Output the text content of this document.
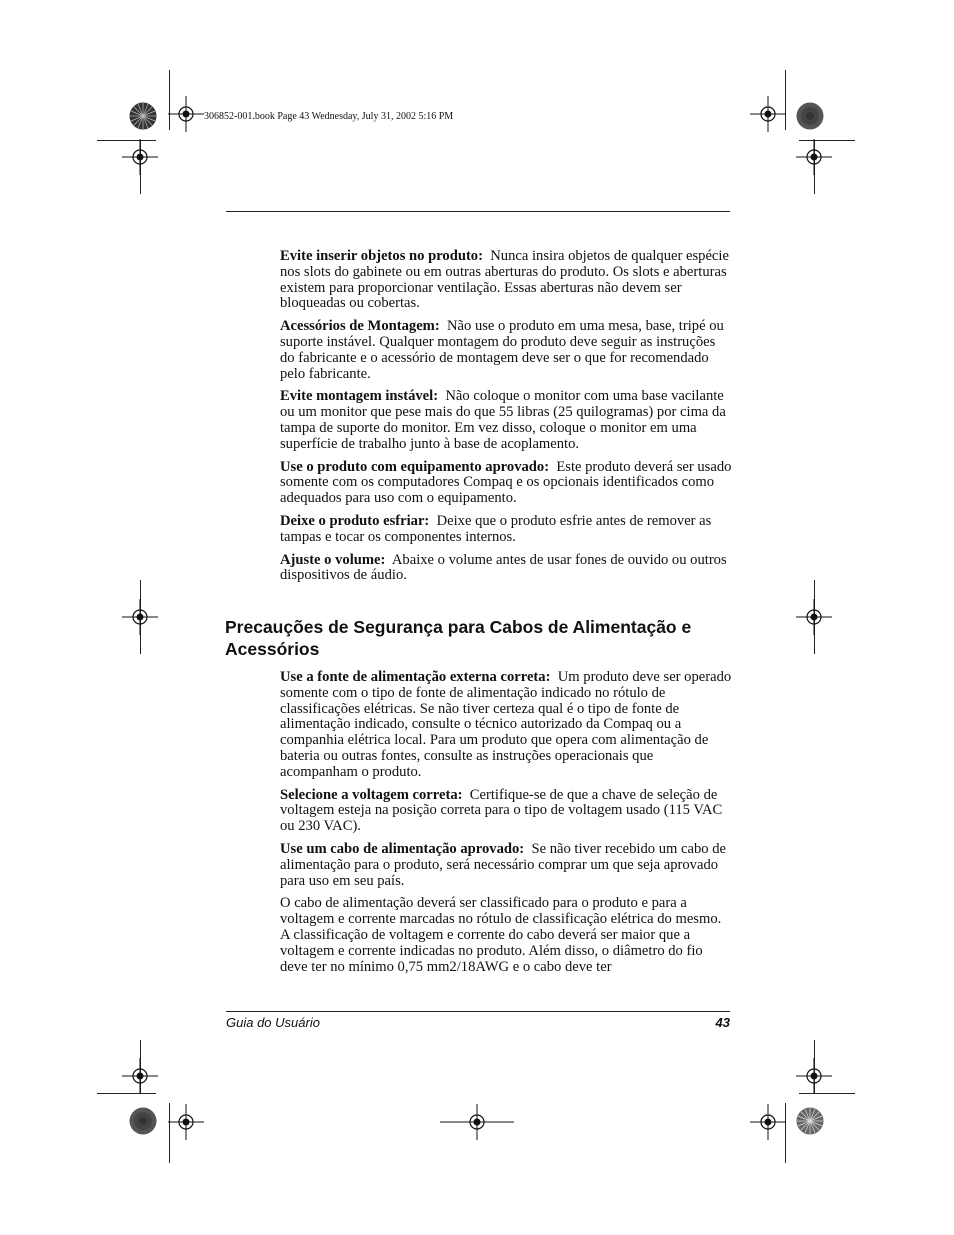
306852-001.book Page 43 Wednesday, July 31, 2002 5:16 PM

Evite inserir objetos no produto: Nunca insira objetos de qualquer espécie nos slots do gabinete ou em outras aberturas do produto. Os slots e aberturas existem para proporcionar ventilação. Essas aberturas não devem ser bloqueadas ou cobertas.

Acessórios de Montagem: Não use o produto em uma mesa, base, tripé ou suporte instável. Qualquer montagem do produto deve seguir as instruções do fabricante e o acessório de montagem deve ser o que for recomendado pelo fabricante.

Evite montagem instável: Não coloque o monitor com uma base vacilante ou um monitor que pese mais do que 55 libras (25 quilogramas) por cima da tampa de suporte do monitor. Em vez disso, coloque o monitor em uma superfície de trabalho junto à base de acoplamento.

Use o produto com equipamento aprovado: Este produto deverá ser usado somente com os computadores Compaq e os opcionais identificados como adequados para uso com o equipamento.

Deixe o produto esfriar: Deixe que o produto esfrie antes de remover as tampas e tocar os componentes internos.

Ajuste o volume: Abaixe o volume antes de usar fones de ouvido ou outros dispositivos de áudio.

Precauções de Segurança para Cabos de Alimentação e Acessórios

Use a fonte de alimentação externa correta: Um produto deve ser operado somente com o tipo de fonte de alimentação indicado no rótulo de classificações elétricas. Se não tiver certeza qual é o tipo de fonte de alimentação indicado, consulte o técnico autorizado da Compaq ou a companhia elétrica local. Para um produto que opera com alimentação de bateria ou outras fontes, consulte as instruções operacionais que acompanham o produto.

Selecione a voltagem correta: Certifique-se de que a chave de seleção de voltagem esteja na posição correta para o tipo de voltagem usado (115 VAC ou 230 VAC).

Use um cabo de alimentação aprovado: Se não tiver recebido um cabo de alimentação para o produto, será necessário comprar um que seja aprovado para uso em seu país.

O cabo de alimentação deverá ser classificado para o produto e para a voltagem e corrente marcadas no rótulo de classificação elétrica do mesmo. A classificação de voltagem e corrente do cabo deverá ser maior que a voltagem e corrente indicadas no produto. Além disso, o diâmetro do fio deve ter no mínimo 0,75 mm2/18AWG e o cabo deve ter

Guia do Usuário	43
